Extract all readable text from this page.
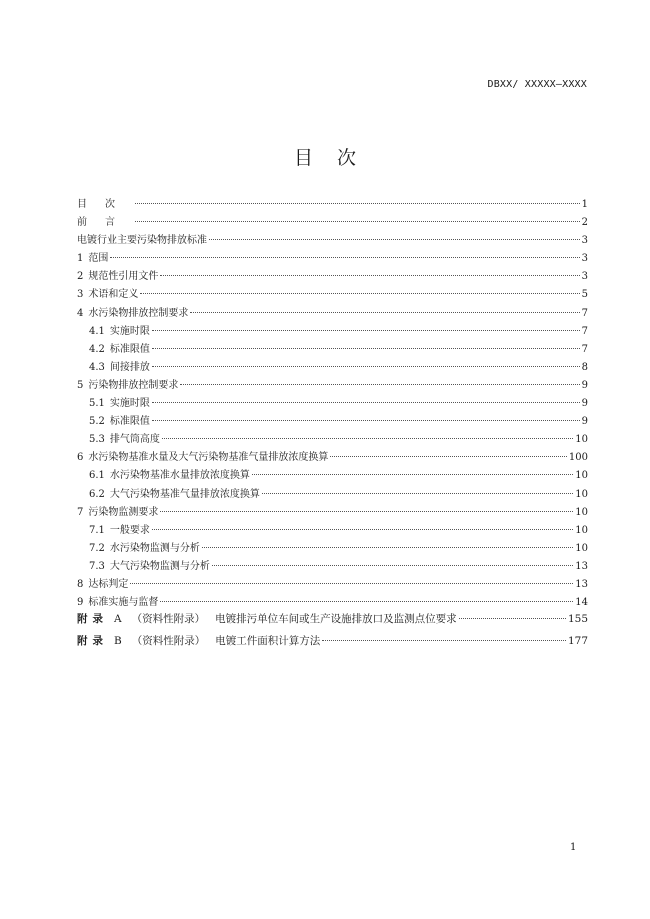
DBXX/ XXXXX—XXXX
目次
目次	1
前言	2
电镀行业主要污染物排放标准	3
1 范围	3
2 规范性引用文件	3
3 术语和定义	5
4 水污染物排放控制要求	7
4.1 实施时限	7
4.2 标准限值	7
4.3 间接排放	8
5 污染物排放控制要求	9
5.1 实施时限	9
5.2 标准限值	9
5.3 排气筒高度	10
6 水污染物基准水量及大气污染物基准气量排放浓度换算	100
6.1 水污染物基准水量排放浓度换算	10
6.2 大气污染物基准气量排放浓度换算	10
7 污染物监测要求	10
7.1 一般要求	10
7.2 水污染物监测与分析	10
7.3 大气污染物监测与分析	13
8 达标判定	13
9 标准实施与监督	14
附录 A （资料性附录） 电镀排污单位车间或生产设施排放口及监测点位要求	155
附录 B （资料性附录） 电镀工件面积计算方法	177
1
